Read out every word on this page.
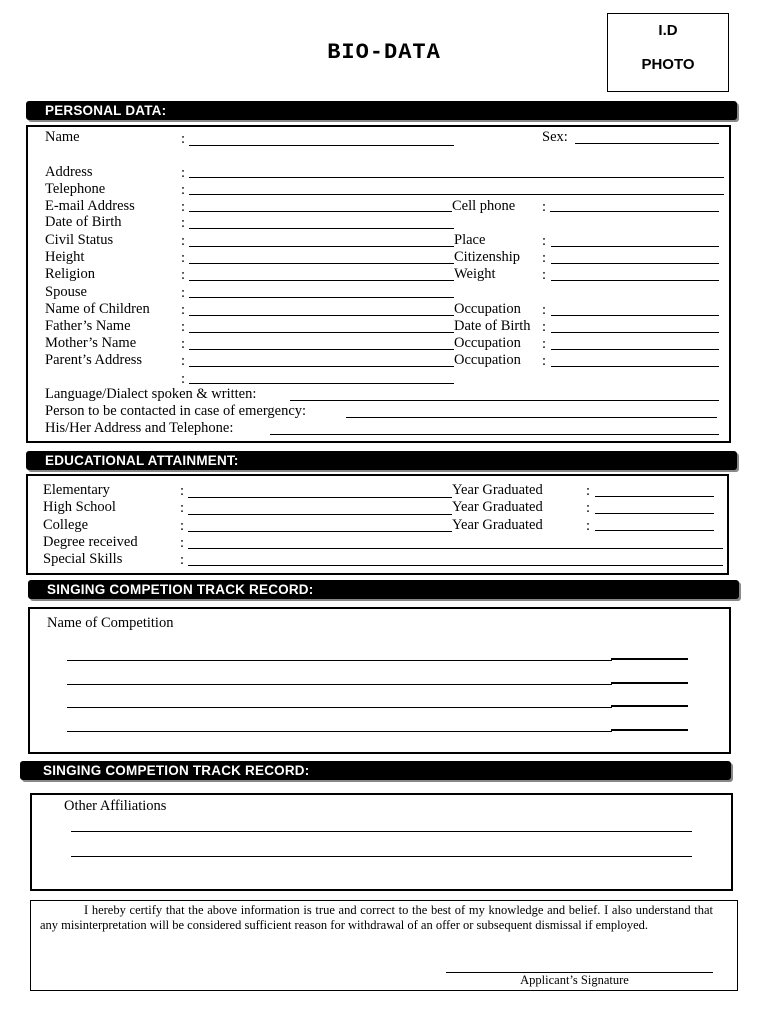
BIO-DATA
I.D
PHOTO
PERSONAL DATA:
Name	:	Sex:
Address	:
Telephone	:
E-mail Address	:	Cell phone :
Date of Birth	:
Civil Status	:	Place	:
Height	:	Citizenship :
Religion	:	Weight	:
Spouse	:
Name of Children :	Occupation :
Father’s Name	:	Date of Birth :
Mother’s Name	:	Occupation :
Parent’s Address	:	Occupation :
:
Language/Dialect spoken & written:
Person to be contacted in case of emergency:
His/Her Address and Telephone:
EDUCATIONAL ATTAINMENT:
Elementary	:	Year Graduated	:
High School	:	Year Graduated	:
College	:	Year Graduated	:
Degree received	:
Special Skills	:
SINGING COMPETION TRACK RECORD:
Name of Competition
SINGING COMPETION TRACK RECORD:
Other Affiliations
I hereby certify that the above information is true and correct to the best of my knowledge and belief. I also understand that any misinterpretation will be considered sufficient reason for withdrawal of an offer or subsequent dismissal if employed.
Applicant’s Signature
